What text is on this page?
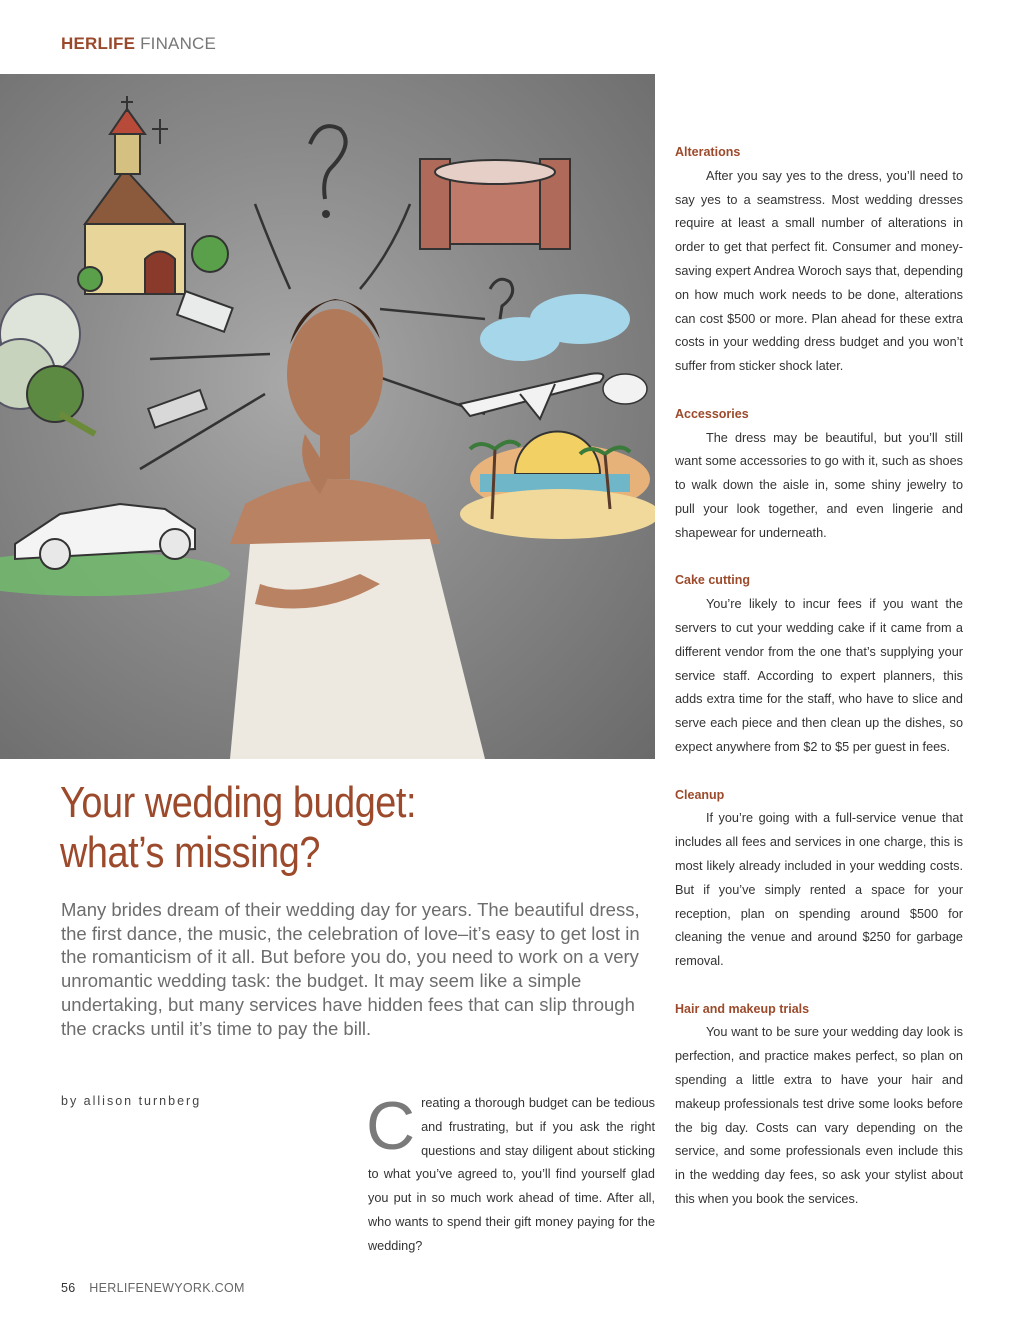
HERLIFE FINANCE
Your wedding budget:
what’s missing?

Many brides dream of their wedding day for years. The beautiful dress, the first dance, the music, the celebration of love–it’s easy to get lost in the romanticism of it all. But before you do, you need to work on a very unromantic wedding task: the budget. It may seem like a simple undertaking, but many services have hidden fees that can slip through the cracks until it’s time to pay the bill.

by allison turnberg Creating a thorough budget can be tedious and frustrating, but if you ask the right questions and stay diligent about sticking to what you’ve agreed to, you’ll find yourself glad you put in so much work ahead of time. After all, who wants to spend their gift money paying for the wedding?

Alterations

After you say yes to the dress, you’ll need to say yes to a seamstress. Most wedding dresses require at least a small number of alterations in order to get that perfect fit. Consumer and money-saving expert Andrea Woroch says that, depending on how much work needs to be done, alterations can cost $500 or more. Plan ahead for these extra costs in your wedding dress budget and you won’t suffer from sticker shock later.

Accessories

The dress may be beautiful, but you’ll still want some accessories to go with it, such as shoes to walk down the aisle in, some shiny jewelry to pull your look together, and even lingerie and shapewear for underneath.

Cake cutting

You’re likely to incur fees if you want the servers to cut your wedding cake if it came from a different vendor from the one that’s supplying your service staff. According to expert planners, this adds extra time for the staff, who have to slice and serve each piece and then clean up the dishes, so expect anywhere from $2 to $5 per guest in fees.

Cleanup

If you’re going with a full-service venue that includes all fees and services in one charge, this is most likely already included in your wedding costs. But if you’ve simply rented a space for your reception, plan on spending around $500 for cleaning the venue and around $250 for garbage removal.

Hair and makeup trials

You want to be sure your wedding day look is perfection, and practice makes perfect, so plan on spending a little extra to have your hair and makeup professionals test drive some looks before the big day. Costs can vary depending on the service, and some professionals even include this in the wedding day fees, so ask your stylist about this when you book the services.

56 HERLIFENEWYORK.COM
